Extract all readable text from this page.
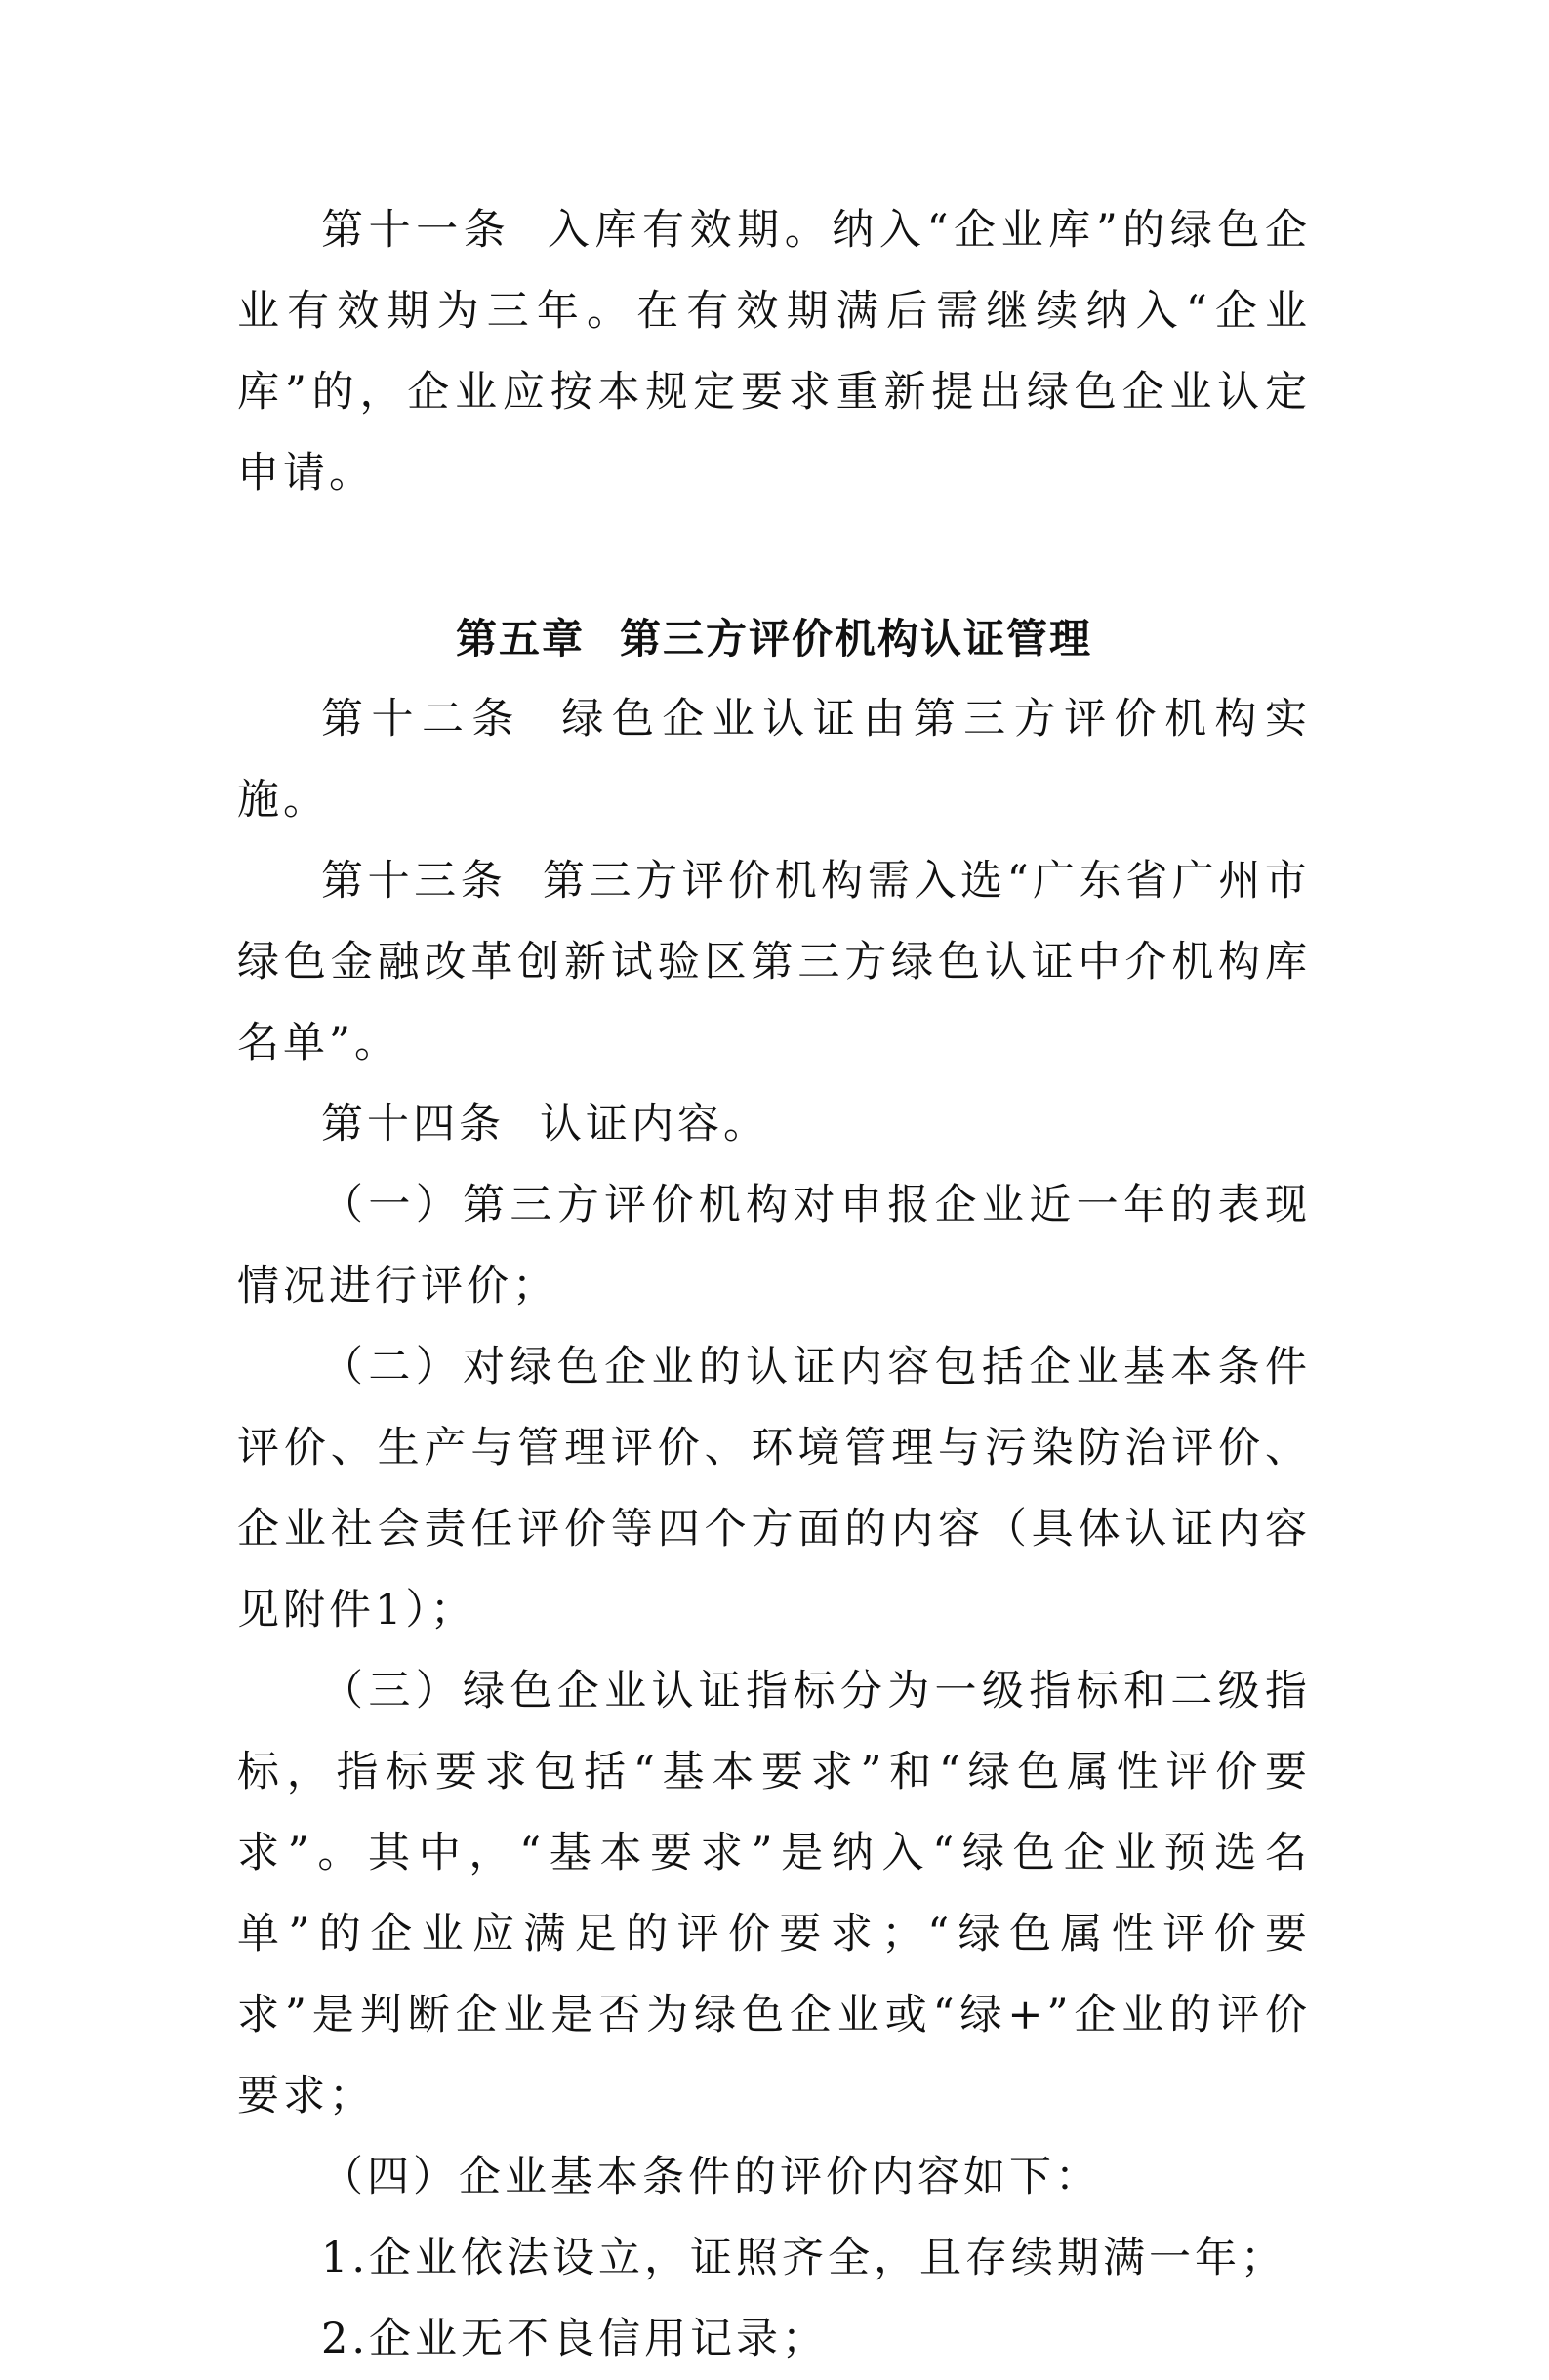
第十一条 入库有效期。纳入“企业库”的绿色企业有效期为三年。在有效期满后需继续纳入“企业库”的，企业应按本规定要求重新提出绿色企业认定申请。

第五章 第三方评价机构认证管理

第十二条 绿色企业认证由第三方评价机构实施。

第十三条 第三方评价机构需入选“广东省广州市绿色金融改革创新试验区第三方绿色认证中介机构库名单”。

第十四条 认证内容。

（一）第三方评价机构对申报企业近一年的表现情况进行评价；

（二）对绿色企业的认证内容包括企业基本条件评价、生产与管理评价、环境管理与污染防治评价、企业社会责任评价等四个方面的内容（具体认证内容见附件1）；

（三）绿色企业认证指标分为一级指标和二级指标，指标要求包括“基本要求”和“绿色属性评价要求”。其中，“基本要求”是纳入“绿色企业预选名单”的企业应满足的评价要求；“绿色属性评价要求”是判断企业是否为绿色企业或“绿+”企业的评价要求；

（四）企业基本条件的评价内容如下：

1.企业依法设立，证照齐全，且存续期满一年；

2.企业无不良信用记录；
